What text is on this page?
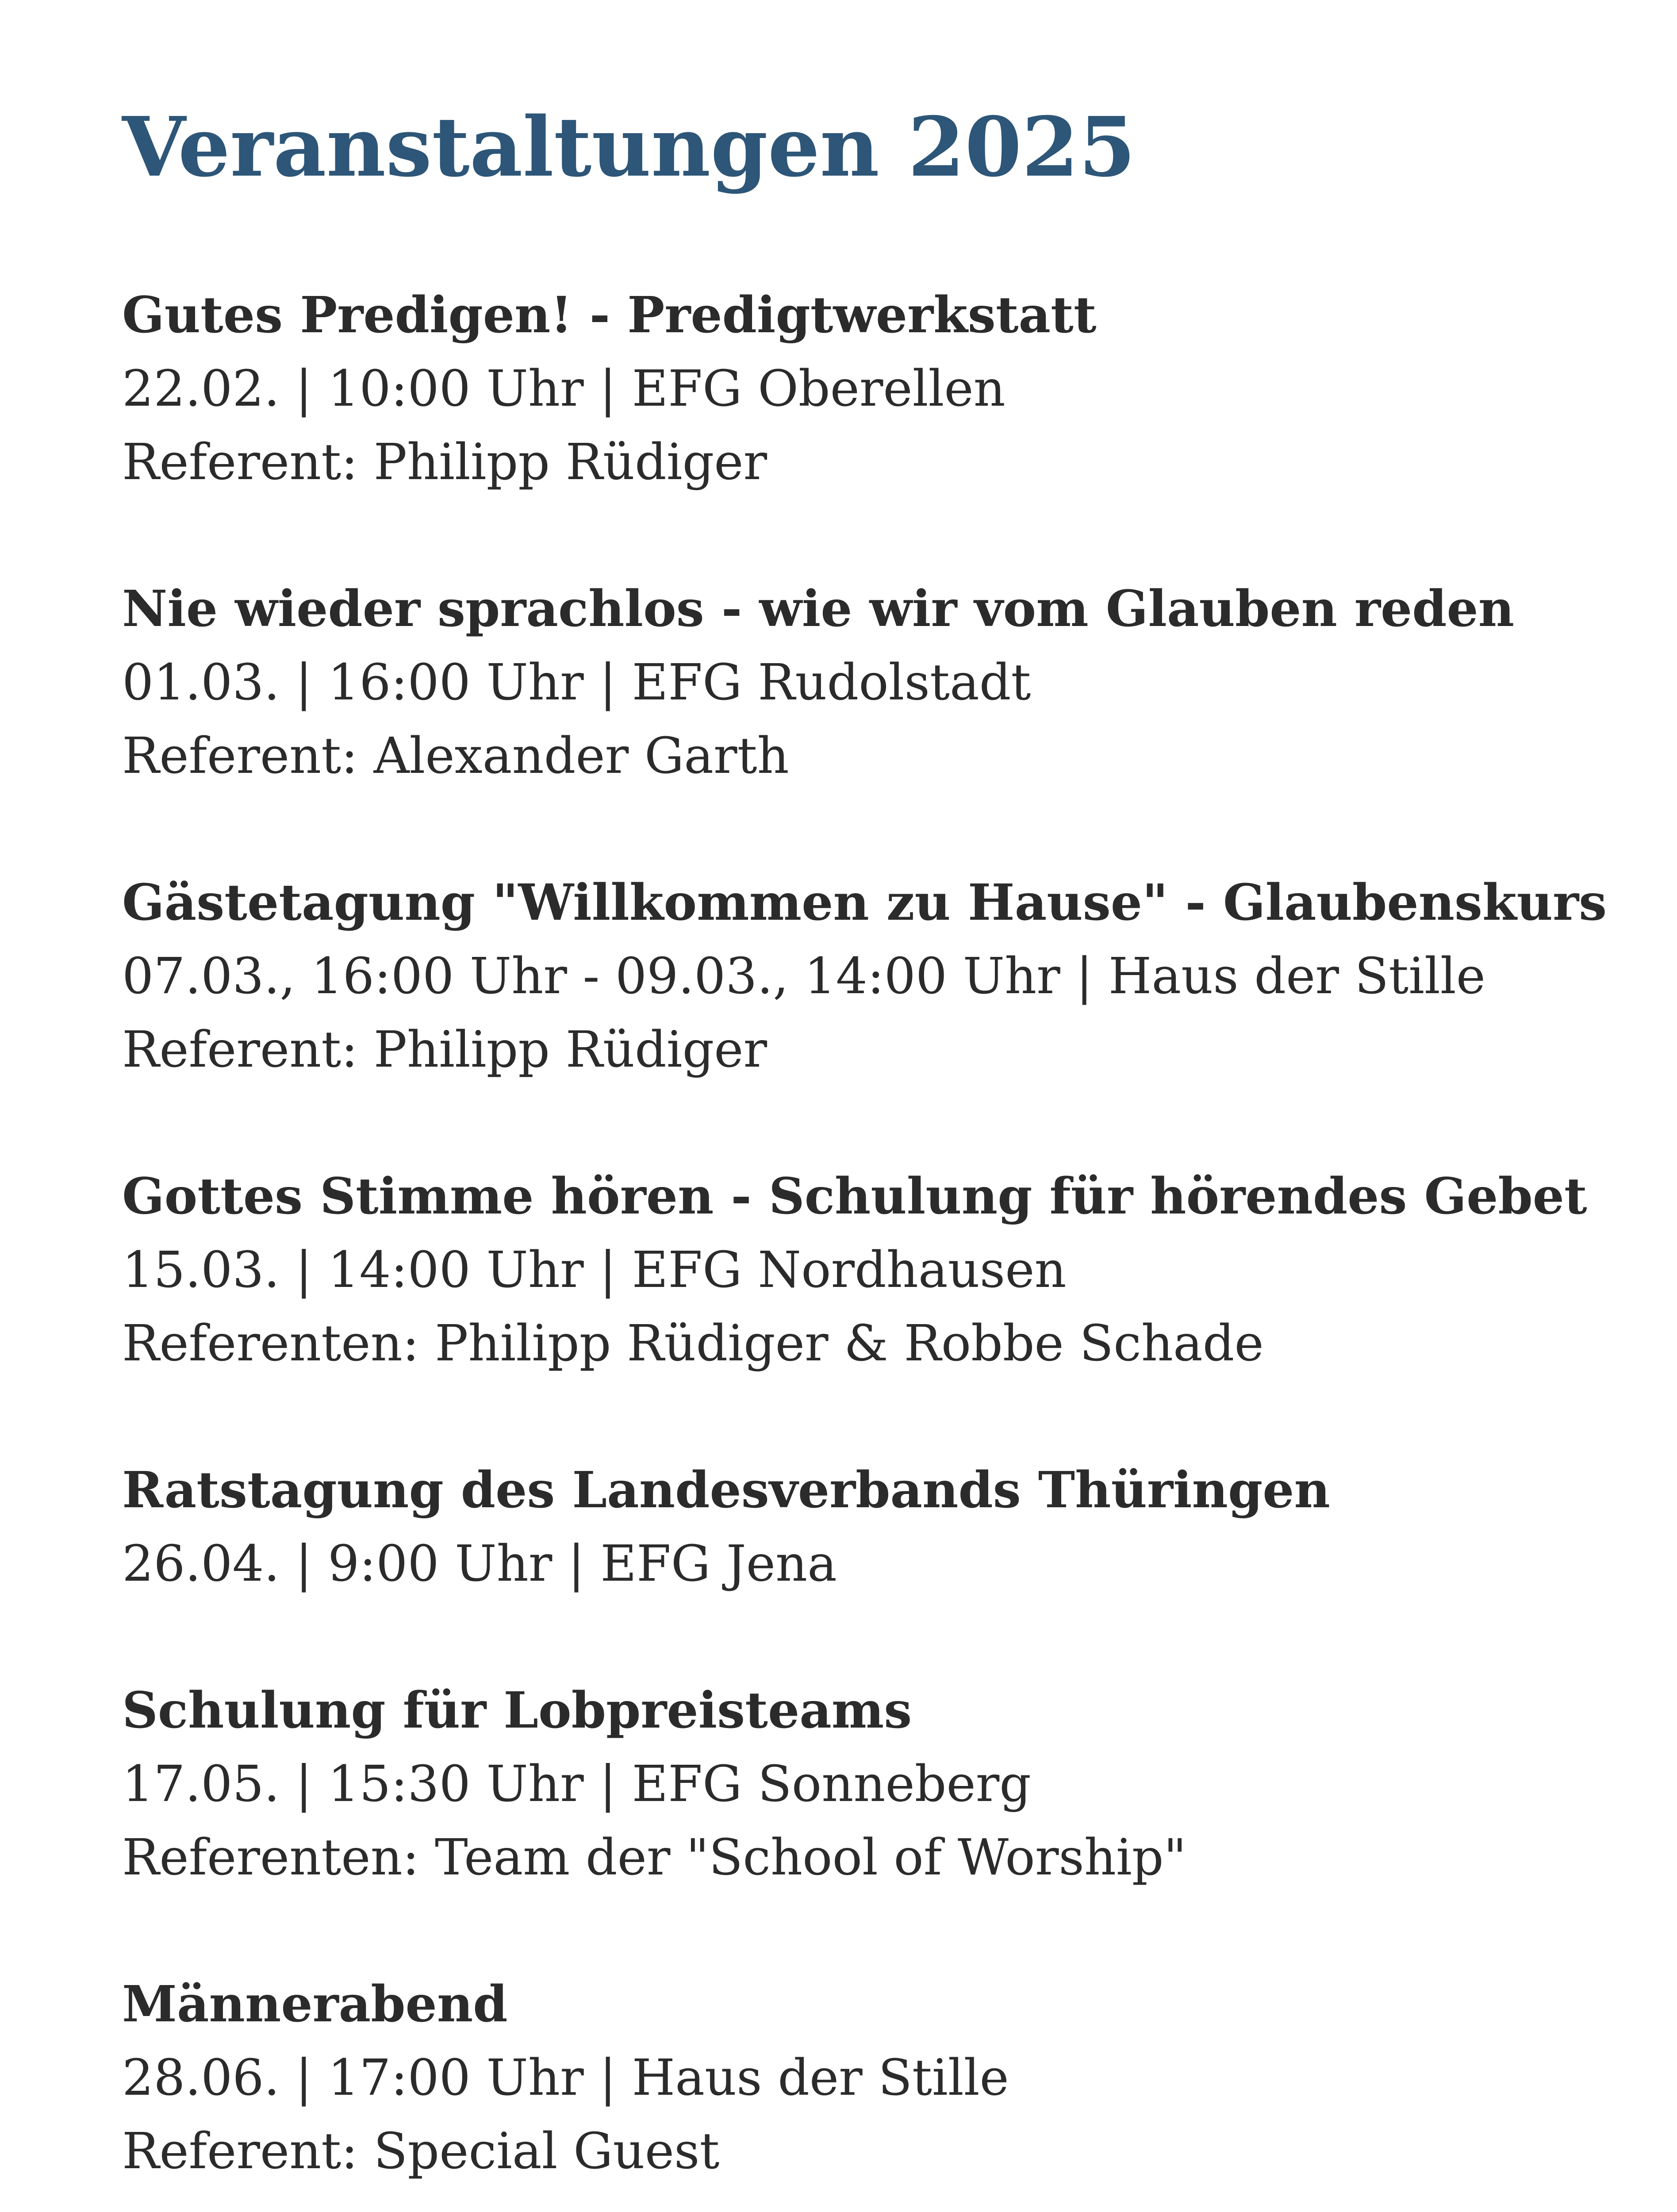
Veranstaltungen 2025
Gutes Predigen! - Predigtwerkstatt
22.02. | 10:00 Uhr | EFG Oberellen
Referent: Philipp Rüdiger
Nie wieder sprachlos - wie wir vom Glauben reden
01.03. | 16:00 Uhr | EFG Rudolstadt
Referent: Alexander Garth
Gästetagung "Willkommen zu Hause" - Glaubenskurs
07.03., 16:00 Uhr - 09.03., 14:00 Uhr | Haus der Stille
Referent: Philipp Rüdiger
Gottes Stimme hören - Schulung für hörendes Gebet
15.03. | 14:00 Uhr | EFG Nordhausen
Referenten: Philipp Rüdiger & Robbe Schade
Ratstagung des Landesverbands Thüringen
26.04. | 9:00 Uhr | EFG Jena
Schulung für Lobpreisteams
17.05. | 15:30 Uhr | EFG Sonneberg
Referenten: Team der "School of Worship"
Männerabend
28.06. | 17:00 Uhr | Haus der Stille
Referent: Special Guest
